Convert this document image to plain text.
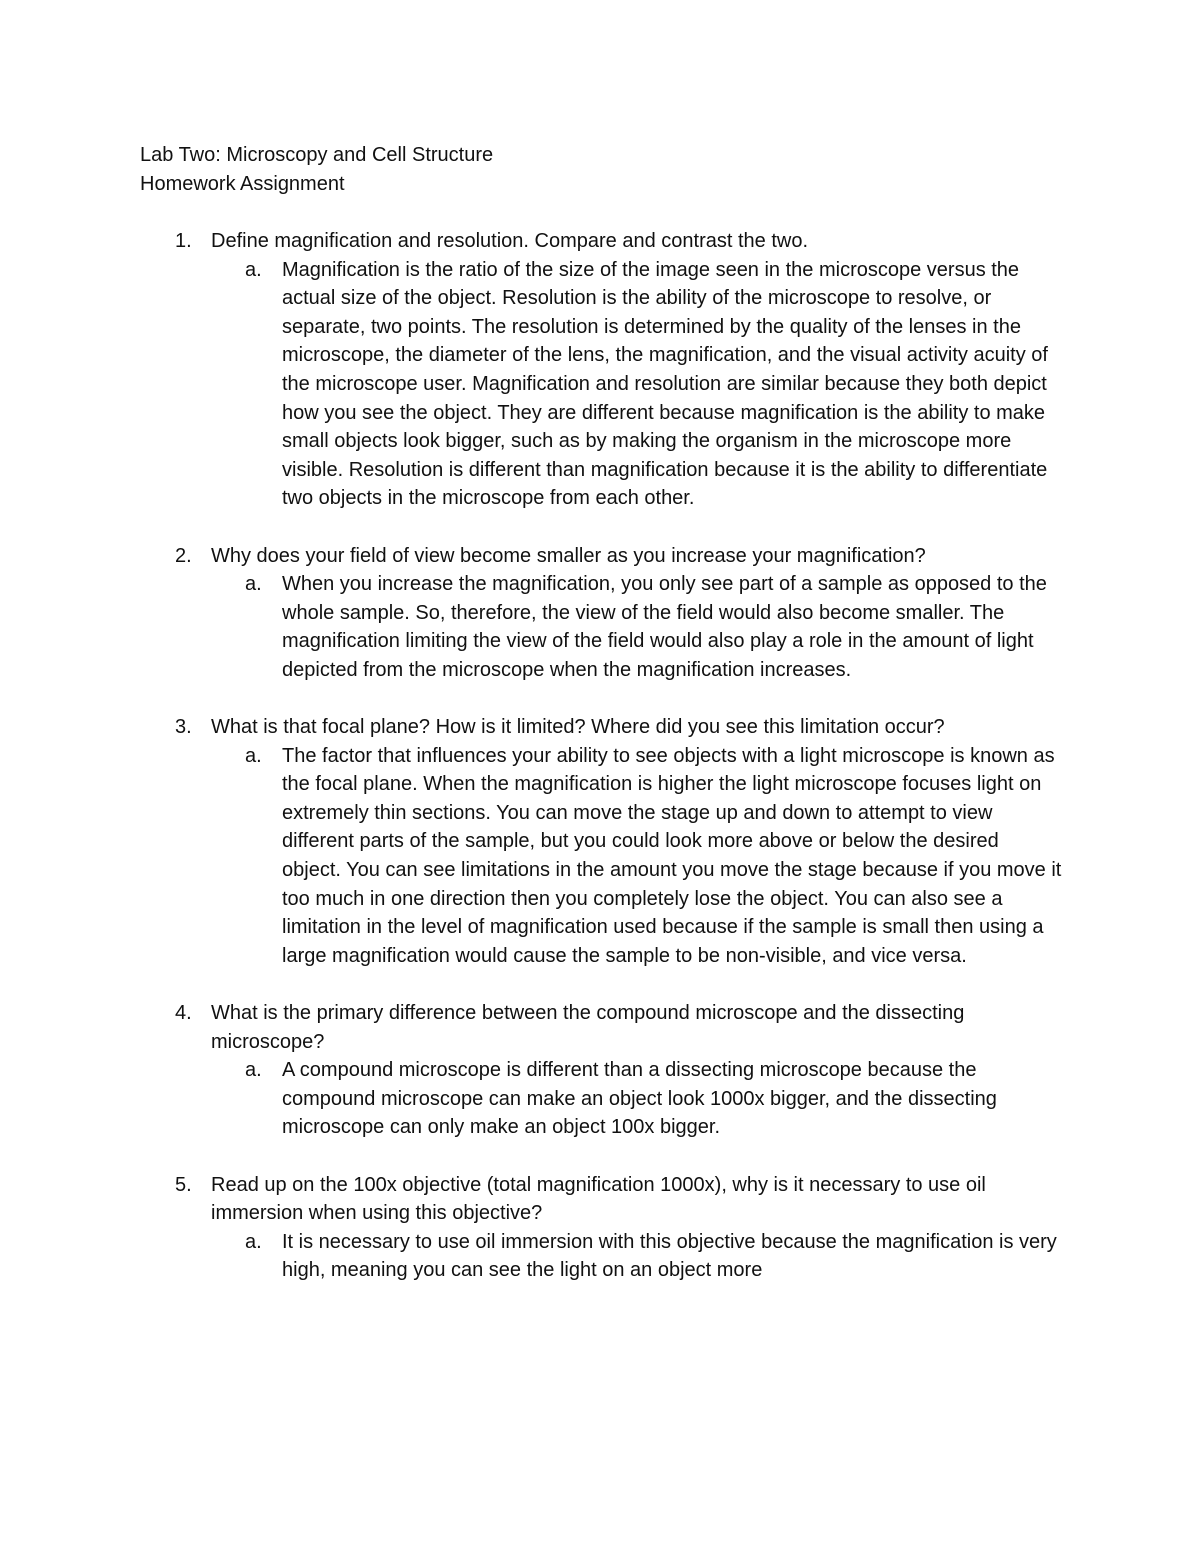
Lab Two: Microscopy and Cell Structure
Homework Assignment
1. Define magnification and resolution. Compare and contrast the two.
a. Magnification is the ratio of the size of the image seen in the microscope versus the actual size of the object. Resolution is the ability of the microscope to resolve, or separate, two points. The resolution is determined by the quality of the lenses in the microscope, the diameter of the lens, the magnification, and the visual activity acuity of the microscope user. Magnification and resolution are similar because they both depict how you see the object. They are different because magnification is the ability to make small objects look bigger, such as by making the organism in the microscope more visible. Resolution is different than magnification because it is the ability to differentiate two objects in the microscope from each other.
2. Why does your field of view become smaller as you increase your magnification?
a. When you increase the magnification, you only see part of a sample as opposed to the whole sample. So, therefore, the view of the field would also become smaller. The magnification limiting the view of the field would also play a role in the amount of light depicted from the microscope when the magnification increases.
3. What is that focal plane? How is it limited? Where did you see this limitation occur?
a. The factor that influences your ability to see objects with a light microscope is known as the focal plane. When the magnification is higher the light microscope focuses light on extremely thin sections. You can move the stage up and down to attempt to view different parts of the sample, but you could look more above or below the desired object. You can see limitations in the amount you move the stage because if you move it too much in one direction then you completely lose the object. You can also see a limitation in the level of magnification used because if the sample is small then using a large magnification would cause the sample to be non-visible, and vice versa.
4. What is the primary difference between the compound microscope and the dissecting microscope?
a. A compound microscope is different than a dissecting microscope because the compound microscope can make an object look 1000x bigger, and the dissecting microscope can only make an object 100x bigger.
5. Read up on the 100x objective (total magnification 1000x), why is it necessary to use oil immersion when using this objective?
a. It is necessary to use oil immersion with this objective because the magnification is very high, meaning you can see the light on an object more
